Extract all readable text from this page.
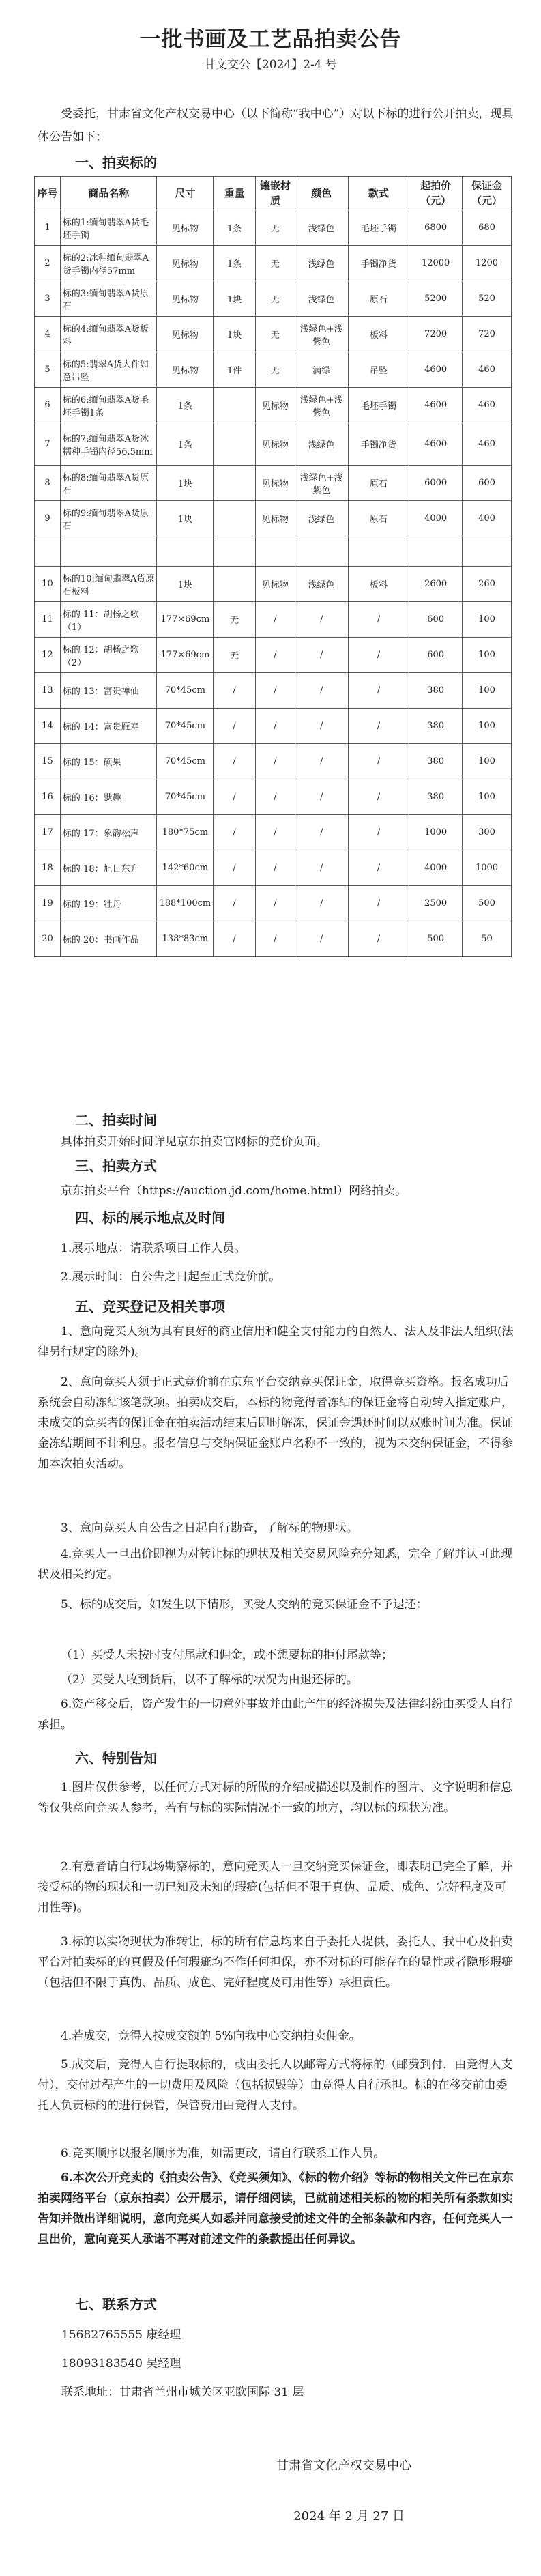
一批书画及工艺品拍卖公告
甘文交公【2024】2-4 号
受委托，甘肃省文化产权交易中心（以下简称“我中心”）对以下标的进行公开拍卖，现具体公告如下：
一、拍卖标的
序号	商品名称	尺寸	重量	镶嵌材质	颜色	款式	起拍价（元）	保证金（元）
1	标的1:缅甸翡翠A货毛坯手镯	见标物	1条	无	浅绿色	毛坯手镯	6800	680
2	标的2:冰种缅甸翡翠A货手镯内径57mm	见标物	1条	无	浅绿色	手镯净货	12000	1200
3	标的3:缅甸翡翠A货原石	见标物	1块	无	浅绿色	原石	5200	520
4	标的4:缅甸翡翠A货板料	见标物	1块	无	浅绿色+浅紫色	板料	7200	720
5	标的5:翡翠A货大件如意吊坠	见标物	1件	无	满绿	吊坠	4600	460
6	标的6:缅甸翡翠A货毛坯手镯1条	1条		见标物	浅绿色+浅紫色	毛坯手镯	4600	460
7	标的7:缅甸翡翠A货冰糯种手镯内径56.5mm	1条		见标物	浅绿色	手镯净货	4600	460
8	标的8:缅甸翡翠A货原石	1块		见标物	浅绿色+浅紫色	原石	6000	600
9	标的9:缅甸翡翠A货原石	1块		见标物	浅绿色	原石	4000	400

10	标的10:缅甸翡翠A货原石板料	1块		见标物	浅绿色	板料	2600	260
11	标的 11：胡杨之歌（1）	177×69cm	无	/	/	/	600	100
12	标的 12：胡杨之歌（2）	177×69cm	无	/	/	/	600	100
13	标的 13：富贵禅仙	70*45cm	/	/	/	/	380	100
14	标的 14：富贵雁寿	70*45cm	/	/	/	/	380	100
15	标的 15：硕果	70*45cm	/	/	/	/	380	100
16	标的 16：默趣	70*45cm	/	/	/	/	380	100
17	标的 17：象韵松声	180*75cm	/	/	/	/	1000	300
18	标的 18：旭日东升	142*60cm	/	/	/	/	4000	1000
19	标的 19：牡丹	188*100cm	/	/	/	/	2500	500
20	标的 20：书画作品	138*83cm	/	/	/	/	500	50
二、拍卖时间
具体拍卖开始时间详见京东拍卖官网标的竞价页面。
三、拍卖方式
京东拍卖平台（https://auction.jd.com/home.html）网络拍卖。
四、标的展示地点及时间
1.展示地点：请联系项目工作人员。
2.展示时间：自公告之日起至正式竞价前。
五、竞买登记及相关事项
1、意向竞买人须为具有良好的商业信用和健全支付能力的自然人、法人及非法人组织(法律另行规定的除外)。
2、意向竞买人须于正式竞价前在京东平台交纳竞买保证金，取得竞买资格。报名成功后系统会自动冻结该笔款项。拍卖成交后，本标的物竞得者冻结的保证金将自动转入指定账户，未成交的竞买者的保证金在拍卖活动结束后即时解冻，保证金遇还时间以双账时间为准。保证金冻结期间不计利息。报名信息与交纳保证金账户名称不一致的，视为未交纳保证金，不得参加本次拍卖活动。
3、意向竞买人自公告之日起自行勘查，了解标的物现状。
4.竞买人一旦出价即视为对转让标的现状及相关交易风险充分知悉，完全了解并认可此现状及相关约定。
5、标的成交后，如发生以下情形，买受人交纳的竞买保证金不予退还：
（1）买受人未按时支付尾款和佣金，或不想要标的拒付尾款等；
（2）买受人收到货后，以不了解标的状况为由退还标的。
6.资产移交后，资产发生的一切意外事故并由此产生的经济损失及法律纠纷由买受人自行承担。
六、特别告知
1.图片仅供参考，以任何方式对标的所做的介绍或描述以及制作的图片、文字说明和信息等仅供意向竞买人参考，若有与标的实际情况不一致的地方，均以标的现状为准。
2.有意者请自行现场勘察标的，意向竞买人一旦交纳竞买保证金，即表明已完全了解，并接受标的物的现状和一切已知及未知的瑕疵(包括但不限于真伪、品质、成色、完好程度及可用性等)。
3.标的以实物现状为准转让，标的所有信息均来自于委托人提供，委托人、我中心及拍卖平台对拍卖标的的真假及任何瑕疵均不作任何担保，亦不对标的可能存在的显性或者隐形瑕疵（包括但不限于真伪、品质、成色、完好程度及可用性等）承担责任。
4.若成交，竞得人按成交额的 5%向我中心交纳拍卖佣金。
5.成交后，竞得人自行提取标的，或由委托人以邮寄方式将标的（邮费到付，由竞得人支付），交付过程产生的一切费用及风险（包括损毁等）由竞得人自行承担。标的在移交前由委托人负责标的的进行保管，保管费用由竞得人支付。
6.竞买顺序以报名顺序为准，如需更改，请自行联系工作人员。
6.本次公开竞卖的《拍卖公告》、《竞买须知》、《标的物介绍》等标的物相关文件已在京东拍卖网络平台（京东拍卖）公开展示，请仔细阅读，已就前述相关标的物的相关所有条款如实告知并做出详细说明，意向竞买人如悉并同意接受前述文件的全部条款和内容，任何竞买人一旦出价，意向竞买人承诺不再对前述文件的条款提出任何异议。
七、联系方式
15682765555 康经理
18093183540 吴经理
联系地址：甘肃省兰州市城关区亚欧国际 31 层
甘肃省文化产权交易中心
2024 年 2 月 27 日
